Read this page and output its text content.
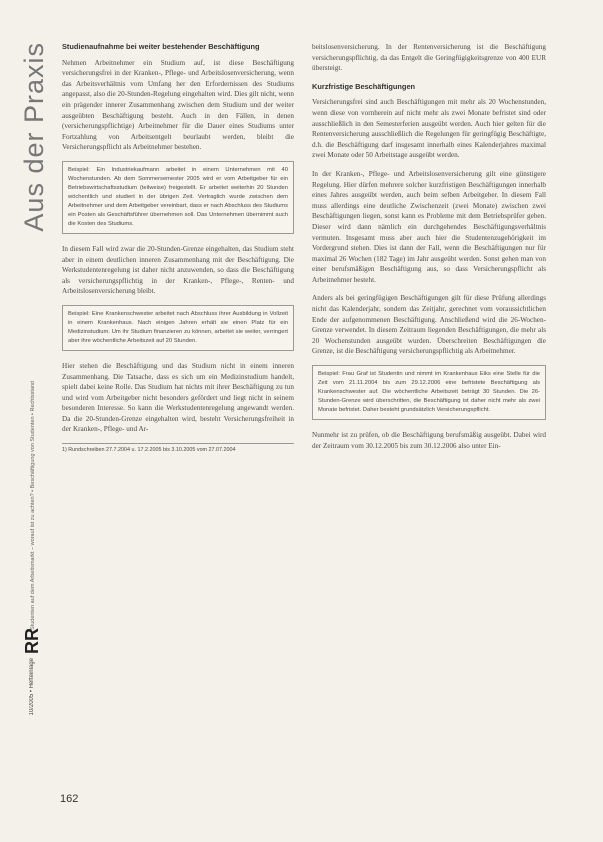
Aus der Praxis
Studenten auf dem Arbeitsmarkt – worauf ist zu achten? • Beschäftigung von Studenten • Rechtsstand
RR
10/2005 • Hefteinlage
162
Studienaufnahme bei weiter bestehender Beschäftigung

Nehmen Arbeitnehmer ein Studium auf, ist diese Beschäftigung versicherungsfrei in der Kranken-, Pflege- und Arbeitslosenversicherung, wenn das Arbeitsverhältnis vom Umfang her den Erfordernissen des Studiums angepasst, also die 20-Stunden-Regelung eingehalten wird. Dies gilt nicht, wenn ein prägender innerer Zusammenhang zwischen dem Studium und der weiter ausgeübten Beschäftigung besteht. Auch in den Fällen, in denen (versicherungspflichtige) Arbeitnehmer für die Dauer eines Studiums unter Fortzahlung von Arbeitsentgelt beurlaubt werden, bleibt die Versicherungspflicht als Arbeitnehmer bestehen.

Beispiel: Ein Industriekaufmann arbeitet in einem Unternehmen mit 40 Wochenstunden. Ab dem Sommersemester 2005 wird er vom Arbeitgeber für ein Betriebswirtschaftsstudium (teilweise) freigestellt. Er arbeitet weiterhin 20 Stunden wöchentlich und studiert in der übrigen Zeit. Vertraglich wurde zwischen dem Arbeitnehmer und dem Arbeitgeber vereinbart, dass er nach Abschluss des Studiums ein Posten als Geschäftsführer übernehmen soll. Das Unternehmen übernimmt auch die Kosten des Studiums.

In diesem Fall wird zwar die 20-Stunden-Grenze eingehalten, das Studium steht aber in einem deutlichen inneren Zusammenhang mit der Beschäftigung. Die Werkstudentenregelung ist daher nicht anzuwenden, so dass die Beschäftigung als versicherungspflichtig in der Kranken-, Pflege-, Renten- und Arbeitslosenversicherung bleibt.

Beispiel: Eine Krankenschwester arbeitet nach Abschluss ihrer Ausbildung in Vollzeit in einem Krankenhaus. Nach einigen Jahren erhält sie einen Platz für ein Medizinstudium. Um ihr Studium finanzieren zu können, arbeitet sie weiter, verringert aber ihre wöchentliche Arbeitszeit auf 20 Stunden.

Hier stehen die Beschäftigung und das Studium nicht in einem inneren Zusammenhang. Die Tatsache, dass es sich um ein Medizinstudium handelt, spielt dabei keine Rolle. Das Studium hat nichts mit ihrer Beschäftigung zu tun und wird vom Arbeitgeber nicht besonders gefördert und liegt nicht in seinem besonderen Interesse. So kann die Werkstudentenregelung angewandt werden. Da die 20-Stunden-Grenze eingehalten wird, besteht Versicherungsfreiheit in der Kranken-, Pflege- und Ar-

1) Rundschreiben 27.7.2004 u. 17.2.2005 bis 3.10.2005 vom 27.07.2004

beitslosenversicherung. In der Rentenversicherung ist die Beschäftigung versicherungspflichtig, da das Entgelt die Geringfügigkeitsgrenze von 400 EUR übersteigt.

Kurzfristige Beschäftigungen

Versicherungsfrei sind auch Beschäftigungen mit mehr als 20 Wochenstunden, wenn diese von vornherein auf nicht mehr als zwei Monate befristet sind oder ausschließlich in den Semesterferien ausgeübt werden. Auch hier gelten für die Rentenversicherung ausschließlich die Regelungen für geringfügig Beschäftigte, d.h. die Beschäftigung darf insgesamt innerhalb eines Kalenderjahres maximal zwei Monate oder 50 Arbeitstage ausgeübt werden.

In der Kranken-, Pflege- und Arbeitslosenversicherung gilt eine günstigere Regelung. Hier dürfen mehrere solcher kurzfristigen Beschäftigungen innerhalb eines Jahres ausgeübt werden, auch beim selben Arbeitgeber. In diesem Fall muss allerdings eine deutliche Zwischenzeit (zwei Monate) zwischen zwei Beschäftigungen liegen, sonst kann es Probleme mit dem Betriebsprüfer geben. Dieser wird dann nämlich ein durchgehendes Beschäftigungsverhältnis vermuten. Insgesamt muss aber auch hier die Studentenzugehörigkeit im Vordergrund stehen. Dies ist dann der Fall, wenn die Beschäftigungen nur für maximal 26 Wochen (182 Tage) im Jahr ausgeübt werden. Sonst gehen man von einer berufsmäßigen Beschäftigung aus, so dass Versicherungspflicht als Arbeitnehmer besteht.

Anders als bei geringfügigen Beschäftigungen gilt für diese Prüfung allerdings nicht das Kalenderjahr, sondern das Zeitjahr, gerechnet vom voraussichtlichen Ende der aufgenommenen Beschäftigung. Anschließend wird die 26-Wochen-Grenze verwendet. In diesem Zeitraum liegenden Beschäftigungen, die mehr als 20 Wochenstunden ausgeübt wurden. Überschreiten Beschäftigungen die Grenze, ist die Beschäftigung versicherungspflichtig als Arbeitnehmer.

Beispiel: Frau Graf ist Studentin und nimmt im Krankenhaus Eiks eine Stelle für die Zeit vom 21.11.2004 bis zum 29.12.2006 eine befristete Beschäftigung als Krankenschwester auf. Die wöchentliche Arbeitszeit beträgt 30 Stunden. Die 26-Stunden-Grenze wird überschritten, die Beschäftigung ist daher nicht mehr als zwei Monate befristet. Daher besteht grundsätzlich Versicherungspflicht.

Nunmehr ist zu prüfen, ob die Beschäftigung berufsmäßig ausgeübt. Dabei wird der Zeitraum vom 30.12.2005 bis zum 30.12.2006 also unter Ein-
